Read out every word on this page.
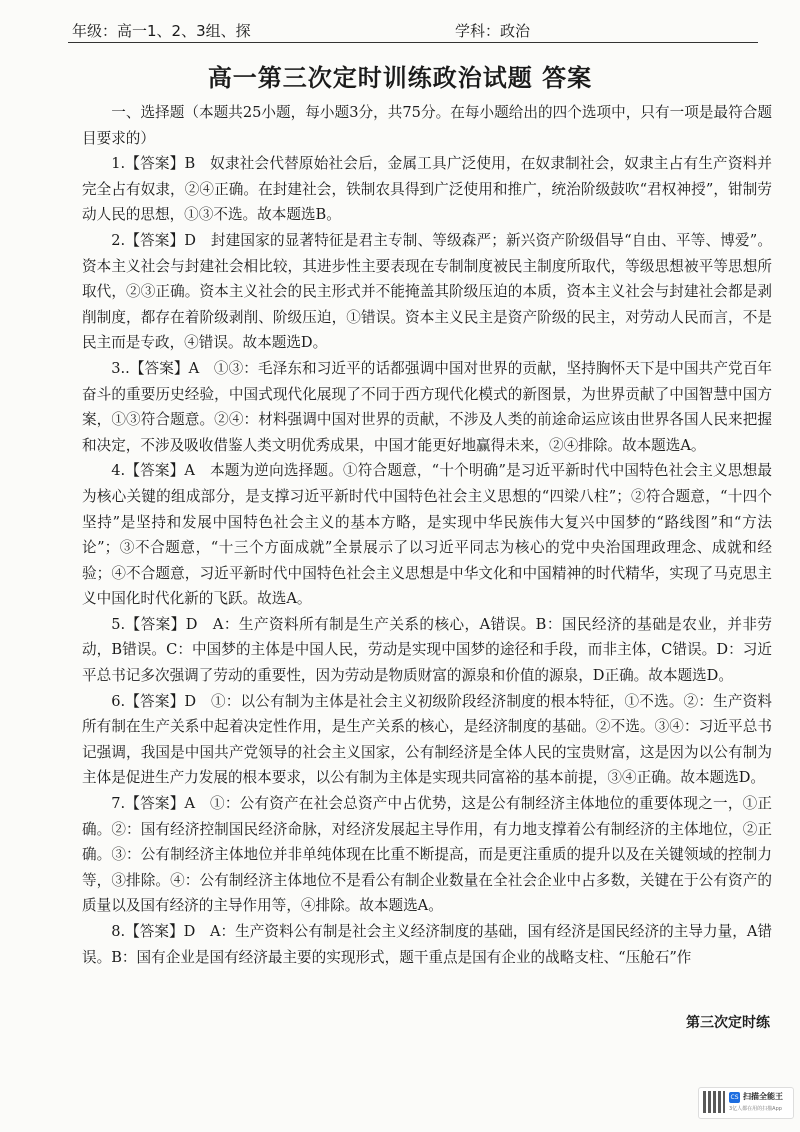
年级：高一1、2、3组、探	学科：政治
高一第三次定时训练政治试题 答案

一、选择题（本题共25小题，每小题3分，共75分。在每小题给出的四个选项中，只有一项是最符合题目要求的）

1.【答案】B　奴隶社会代替原始社会后，金属工具广泛使用，在奴隶制社会，奴隶主占有生产资料并完全占有奴隶，②④正确。在封建社会，铁制农具得到广泛使用和推广，统治阶级鼓吹“君权神授”，钳制劳动人民的思想，①③不选。故本题选B。

2.【答案】D　封建国家的显著特征是君主专制、等级森严；新兴资产阶级倡导“自由、平等、博爱”。资本主义社会与封建社会相比较，其进步性主要表现在专制制度被民主制度所取代，等级思想被平等思想所取代，②③正确。资本主义社会的民主形式并不能掩盖其阶级压迫的本质，资本主义社会与封建社会都是剥削制度，都存在着阶级剥削、阶级压迫，①错误。资本主义民主是资产阶级的民主，对劳动人民而言，不是民主而是专政，④错误。故本题选D。

3..【答案】A　①③：毛泽东和习近平的话都强调中国对世界的贡献，坚持胸怀天下是中国共产党百年奋斗的重要历史经验，中国式现代化展现了不同于西方现代化模式的新图景，为世界贡献了中国智慧中国方案，①③符合题意。②④：材料强调中国对世界的贡献，不涉及人类的前途命运应该由世界各国人民来把握和决定，不涉及吸收借鉴人类文明优秀成果，中国才能更好地赢得未来，②④排除。故本题选A。

4.【答案】A　本题为逆向选择题。①符合题意，“十个明确”是习近平新时代中国特色社会主义思想最为核心关键的组成部分，是支撑习近平新时代中国特色社会主义思想的“四梁八柱”；②符合题意，“十四个坚持”是坚持和发展中国特色社会主义的基本方略，是实现中华民族伟大复兴中国梦的“路线图”和“方法论”；③不合题意，“十三个方面成就”全景展示了以习近平同志为核心的党中央治国理政理念、成就和经验；④不合题意，习近平新时代中国特色社会主义思想是中华文化和中国精神的时代精华，实现了马克思主义中国化时代化新的飞跃。故选A。

5.【答案】D　A：生产资料所有制是生产关系的核心，A错误。B：国民经济的基础是农业，并非劳动，B错误。C：中国梦的主体是中国人民，劳动是实现中国梦的途径和手段，而非主体，C错误。D：习近平总书记多次强调了劳动的重要性，因为劳动是物质财富的源泉和价值的源泉，D正确。故本题选D。

6.【答案】D　①：以公有制为主体是社会主义初级阶段经济制度的根本特征，①不选。②：生产资料所有制在生产关系中起着决定性作用，是生产关系的核心，是经济制度的基础。②不选。③④：习近平总书记强调，我国是中国共产党领导的社会主义国家，公有制经济是全体人民的宝贵财富，这是因为以公有制为主体是促进生产力发展的根本要求，以公有制为主体是实现共同富裕的基本前提，③④正确。故本题选D。

7.【答案】A　①：公有资产在社会总资产中占优势，这是公有制经济主体地位的重要体现之一，①正确。②：国有经济控制国民经济命脉，对经济发展起主导作用，有力地支撑着公有制经济的主体地位，②正确。③：公有制经济主体地位并非单纯体现在比重不断提高，而是更注重质的提升以及在关键领域的控制力等，③排除。④：公有制经济主体地位不是看公有制企业数量在全社会企业中占多数，关键在于公有资产的质量以及国有经济的主导作用等，④排除。故本题选A。

8.【答案】D　A：生产资料公有制是社会主义经济制度的基础，国有经济是国民经济的主导力量，A错误。B：国有企业是国有经济最主要的实现形式，题干重点是国有企业的战略支柱、“压舱石”作

第三次定时练
CS 扫描全能王
3亿人都在用的扫描App
